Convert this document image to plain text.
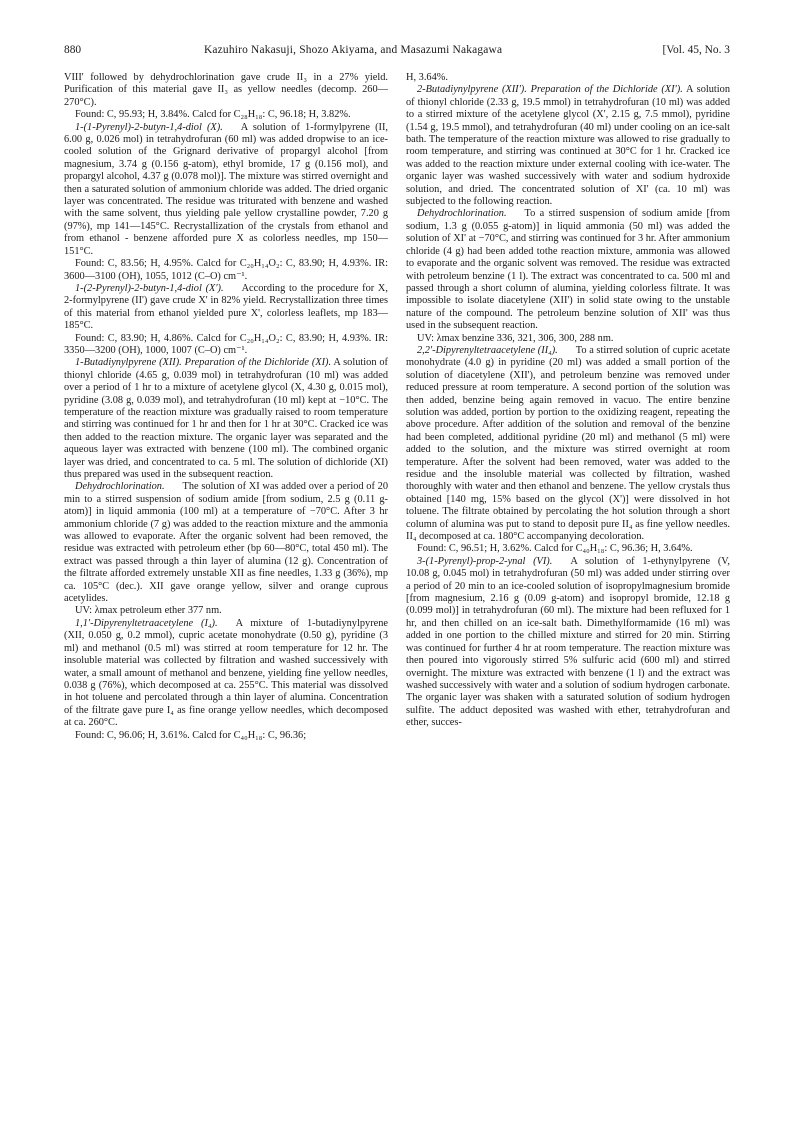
880	Kazuhiro Nakasuji, Shozo Akiyama, and Masazumi Nakagawa	[Vol. 45, No. 3

VIII' followed by dehydrochlorination gave crude II₃ in a 27% yield. Purification of this material gave II₃ as yellow needles (decomp. 260—270°C).

Found: C, 95.93; H, 3.84%. Calcd for C₂₈H₁₈: C, 96.18; H, 3.82%.

1-(1-Pyrenyl)-2-butyn-1,4-diol (X). A solution of 1-formylpyrene (II, 6.00 g, 0.026 mol) in tetrahydrofuran (60 ml) was added dropwise to an ice-cooled solution of the Grignard derivative of propargyl alcohol [from magnesium, 3.74 g (0.156 g-atom), ethyl bromide, 17 g (0.156 mol), and propargyl alcohol, 4.37 g (0.078 mol)]. The mixture was stirred overnight and then a saturated solution of ammonium chloride was added. The dried organic layer was concentrated. The residue was triturated with benzene and washed with the same solvent, thus yielding pale yellow crystalline powder, 7.20 g (97%), mp 141—145°C. Recrystallization of the crystals from ethanol and from ethanol - benzene afforded pure X as colorless needles, mp 150—151°C.

Found: C, 83.56; H, 4.95%. Calcd for C₂₀H₁₄O₂: C, 83.90; H, 4.93%. IR: 3600—3100 (OH), 1055, 1012 (C–O) cm⁻¹.

1-(2-Pyrenyl)-2-butyn-1,4-diol (X'). According to the procedure for X, 2-formylpyrene (II') gave crude X' in 82% yield. Recrystallization three times of this material from ethanol yielded pure X', colorless leaflets, mp 183—185°C.

Found: C, 83.90; H, 4.86%. Calcd for C₂₀H₁₄O₂: C, 83.90; H, 4.93%. IR: 3350—3200 (OH), 1000, 1007 (C–O) cm⁻¹.

1-Butadiynylpyrene (XII). Preparation of the Dichloride (XI). A solution of thionyl chloride (4.65 g, 0.039 mol) in tetrahydrofuran (10 ml) was added over a period of 1 hr to a mixture of acetylene glycol (X, 4.30 g, 0.015 mol), pyridine (3.08 g, 0.039 mol), and tetrahydrofuran (10 ml) kept at −10°C. The temperature of the reaction mixture was gradually raised to room temperature and stirring was continued for 1 hr and then for 1 hr at 30°C. Cracked ice was then added to the reaction mixture. The organic layer was separated and the aqueous layer was extracted with benzene (100 ml). The combined organic layer was dried, and concentrated to ca. 5 ml. The solution of dichloride (XI) thus prepared was used in the subsequent reaction.

Dehydrochlorination. The solution of XI was added over a period of 20 min to a stirred suspension of sodium amide [from sodium, 2.5 g (0.11 g-atom)] in liquid ammonia (100 ml) at a temperature of −70°C. After 3 hr ammonium chloride (7 g) was added to the reaction mixture and the ammonia was allowed to evaporate. After the organic solvent had been removed, the residue was extracted with petroleum ether (bp 60—80°C, total 450 ml). The extract was passed through a thin layer of alumina (12 g). Concentration of the filtrate afforded extremely unstable XII as fine needles, 1.33 g (36%), mp ca. 105°C (dec.). XII gave orange yellow, silver and orange cuprous acetylides.

UV: λmax petroleum ether 377 nm.

1,1'-Dipyrenyltetraacetylene (I₄). A mixture of 1-butadiynylpyrene (XII, 0.050 g, 0.2 mmol), cupric acetate monohydrate (0.50 g), pyridine (3 ml) and methanol (0.5 ml) was stirred at room temperature for 12 hr. The insoluble material was collected by filtration and washed successively with water, a small amount of methanol and benzene, yielding fine yellow needles, 0.038 g (76%), which decomposed at ca. 255°C. This material was dissolved in hot toluene and percolated through a thin layer of alumina. Concentration of the filtrate gave pure I₄ as fine orange yellow needles, which decomposed at ca. 260°C.

Found: C, 96.06; H, 3.61%. Calcd for C₄₀H₁₈: C, 96.36;

H, 3.64%.

2-Butadiynylpyrene (XII'). Preparation of the Dichloride (XI'). A solution of thionyl chloride (2.33 g, 19.5 mmol) in tetrahydrofuran (10 ml) was added to a stirred mixture of the acetylene glycol (X', 2.15 g, 7.5 mmol), pyridine (1.54 g, 19.5 mmol), and tetrahydrofuran (40 ml) under cooling on an ice-salt bath. The temperature of the reaction mixture was allowed to rise gradually to room temperature, and stirring was continued at 30°C for 1 hr. Cracked ice was added to the reaction mixture under external cooling with ice-water. The organic layer was washed successively with water and sodium hydroxide solution, and dried. The concentrated solution of XI' (ca. 10 ml) was subjected to the following reaction.

Dehydrochlorination. To a stirred suspension of sodium amide [from sodium, 1.3 g (0.055 g-atom)] in liquid ammonia (50 ml) was added the solution of XI' at −70°C, and stirring was continued for 3 hr. After ammonium chloride (4 g) had been added tothe reaction mixture, ammonia was allowed to evaporate and the organic solvent was removed. The residue was extracted with petroleum benzine (1 l). The extract was concentrated to ca. 500 ml and passed through a short column of alumina, yielding colorless filtrate. It was impossible to isolate diacetylene (XII') in solid state owing to the unstable nature of the compound. The petroleum benzine solution of XII' was thus used in the subsequent reaction.

UV: λmax benzine 336, 321, 306, 300, 288 nm.

2,2'-Dipyrenyltetraacetylene (II₄). To a stirred solution of cupric acetate monohydrate (4.0 g) in pyridine (20 ml) was added a small portion of the solution of diacetylene (XII'), and petroleum benzine was removed under reduced pressure at room temperature. A second portion of the solution was then added, benzine being again removed in vacuo. The entire benzine solution was added, portion by portion to the oxidizing reagent, repeating the above procedure. After addition of the solution and removal of the benzine had been completed, additional pyridine (20 ml) and methanol (5 ml) were added to the solution, and the mixture was stirred overnight at room temperature. After the solvent had been removed, water was added to the residue and the insoluble material was collected by filtration, washed thoroughly with water and then ethanol and benzene. The yellow crystals thus obtained [140 mg, 15% based on the glycol (X')] were dissolved in hot toluene. The filtrate obtained by percolating the hot solution through a short column of alumina was put to stand to deposit pure II₄ as fine yellow needles. II₄ decomposed at ca. 180°C accompanying decoloration.

Found: C, 96.51; H, 3.62%. Calcd for C₄₀H₁₈: C, 96.36; H, 3.64%.

3-(1-Pyrenyl)-prop-2-ynal (VI). A solution of 1-ethynylpyrene (V, 10.08 g, 0.045 mol) in tetrahydrofuran (50 ml) was added under stirring over a period of 20 min to an ice-cooled solution of isopropylmagnesium bromide [from magnesium, 2.16 g (0.09 g-atom) and isopropyl bromide, 12.18 g (0.099 mol)] in tetrahydrofuran (60 ml). The mixture had been refluxed for 1 hr, and then chilled on an ice-salt bath. Dimethylformamide (16 ml) was added in one portion to the chilled mixture and stirred for 20 min. Stirring was continued for further 4 hr at room temperature. The reaction mixture was then poured into vigorously stirred 5% sulfuric acid (600 ml) and stirred overnight. The mixture was extracted with benzene (1 l) and the extract was washed successively with water and a solution of sodium hydrogen carbonate. The organic layer was shaken with a saturated solution of sodium hydrogen sulfite. The adduct deposited was washed with ether, tetrahydrofuran and ether, succes-
